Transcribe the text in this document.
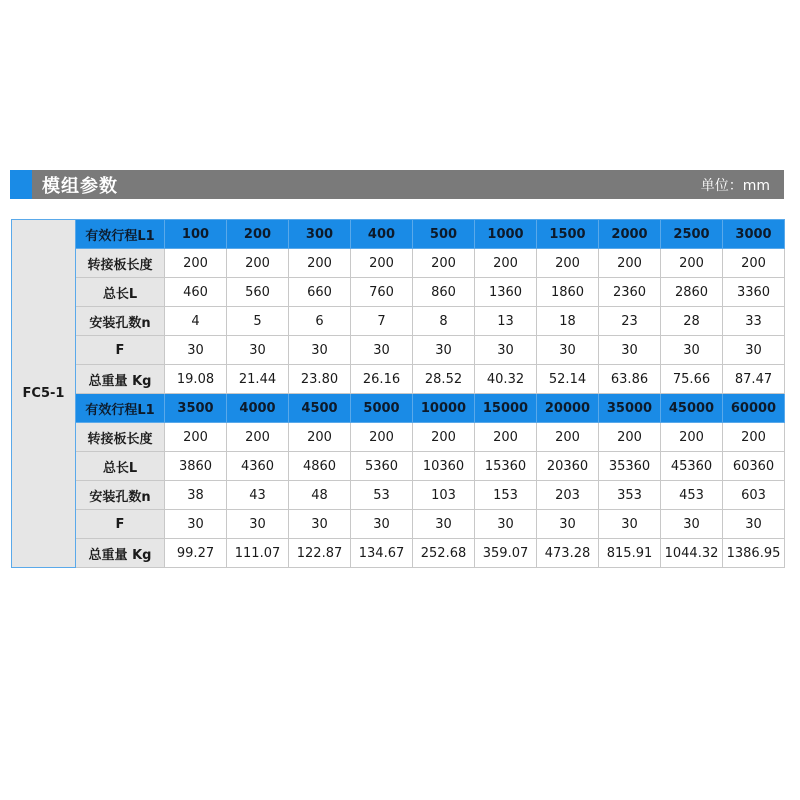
模组参数	单位：mm
FC5-1	有效行程L1	100	200	300	400	500	1000	1500	2000	2500	3000
	转接板长度	200	200	200	200	200	200	200	200	200	200
	总长L	460	560	660	760	860	1360	1860	2360	2860	3360
	安装孔数n	4	5	6	7	8	13	18	23	28	33
	F	30	30	30	30	30	30	30	30	30	30
	总重量 Kg	19.08	21.44	23.80	26.16	28.52	40.32	52.14	63.86	75.66	87.47
	有效行程L1	3500	4000	4500	5000	10000	15000	20000	35000	45000	60000
	转接板长度	200	200	200	200	200	200	200	200	200	200
	总长L	3860	4360	4860	5360	10360	15360	20360	35360	45360	60360
	安装孔数n	38	43	48	53	103	153	203	353	453	603
	F	30	30	30	30	30	30	30	30	30	30
	总重量 Kg	99.27	111.07	122.87	134.67	252.68	359.07	473.28	815.91	1044.32	1386.95
